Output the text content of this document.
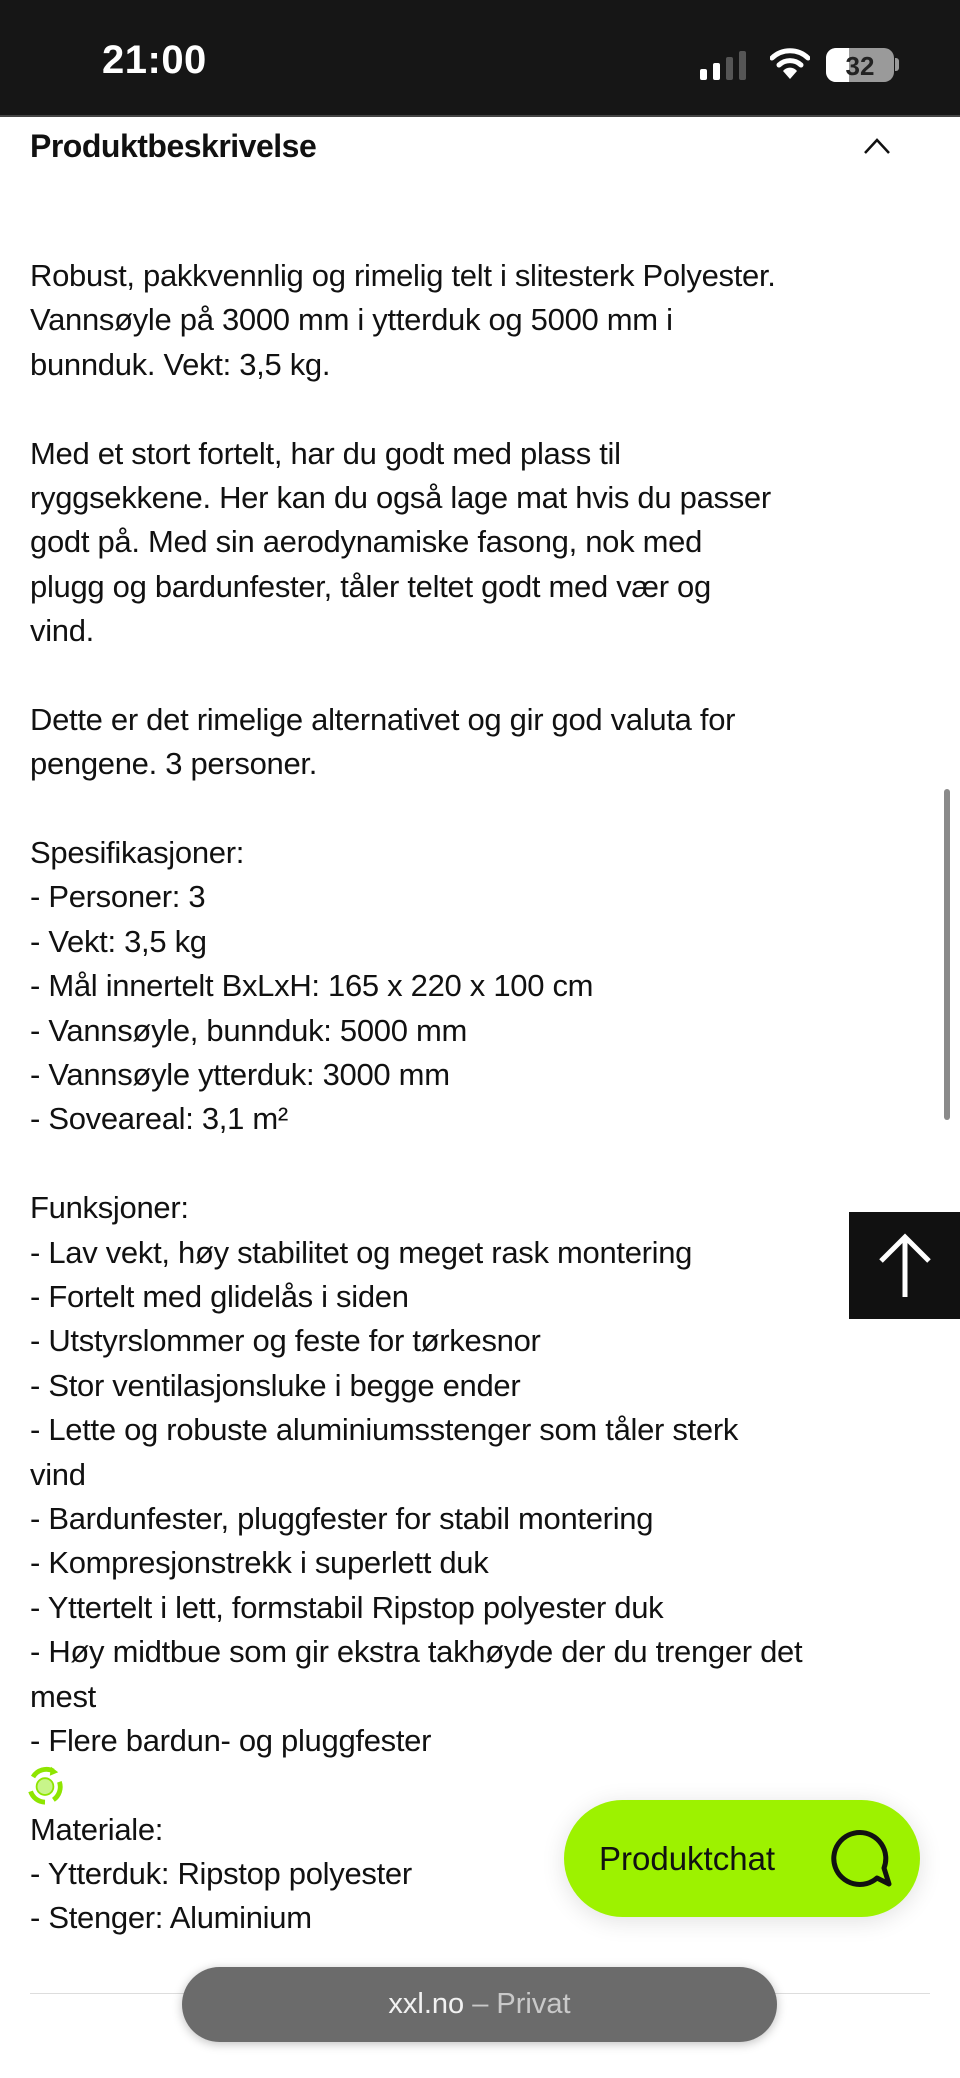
21:00	32
Produktbeskrivelse
Robust, pakkvennlig og rimelig telt i slitesterk Polyester.
Vannsøyle på 3000 mm i ytterduk og 5000 mm i
bunnduk. Vekt: 3,5 kg.
Med et stort fortelt, har du godt med plass til
ryggsekkene. Her kan du også lage mat hvis du passer
godt på. Med sin aerodynamiske fasong, nok med
plugg og bardunfester, tåler teltet godt med vær og
vind.
Dette er det rimelige alternativet og gir god valuta for
pengene. 3 personer.
Spesifikasjoner:
- Personer: 3
- Vekt: 3,5 kg
- Mål innertelt BxLxH: 165 x 220 x 100 cm
- Vannsøyle, bunnduk: 5000 mm
- Vannsøyle ytterduk: 3000 mm
- Soveareal: 3,1 m²
Funksjoner:
- Lav vekt, høy stabilitet og meget rask montering
- Fortelt med glidelås i siden
- Utstyrslommer og feste for tørkesnor
- Stor ventilasjonsluke i begge ender
- Lette og robuste aluminiumsstenger som tåler sterk
vind
- Bardunfester, pluggfester for stabil montering
- Kompresjonstrekk i superlett duk
- Yttertelt i lett, formstabil Ripstop polyester duk
- Høy midtbue som gir ekstra takhøyde der du trenger det
mest
- Flere bardun- og pluggfester
Materiale:
- Ytterduk: Ripstop polyester
- Stenger: Aluminium
Produktchat
xxl.no – Privat
